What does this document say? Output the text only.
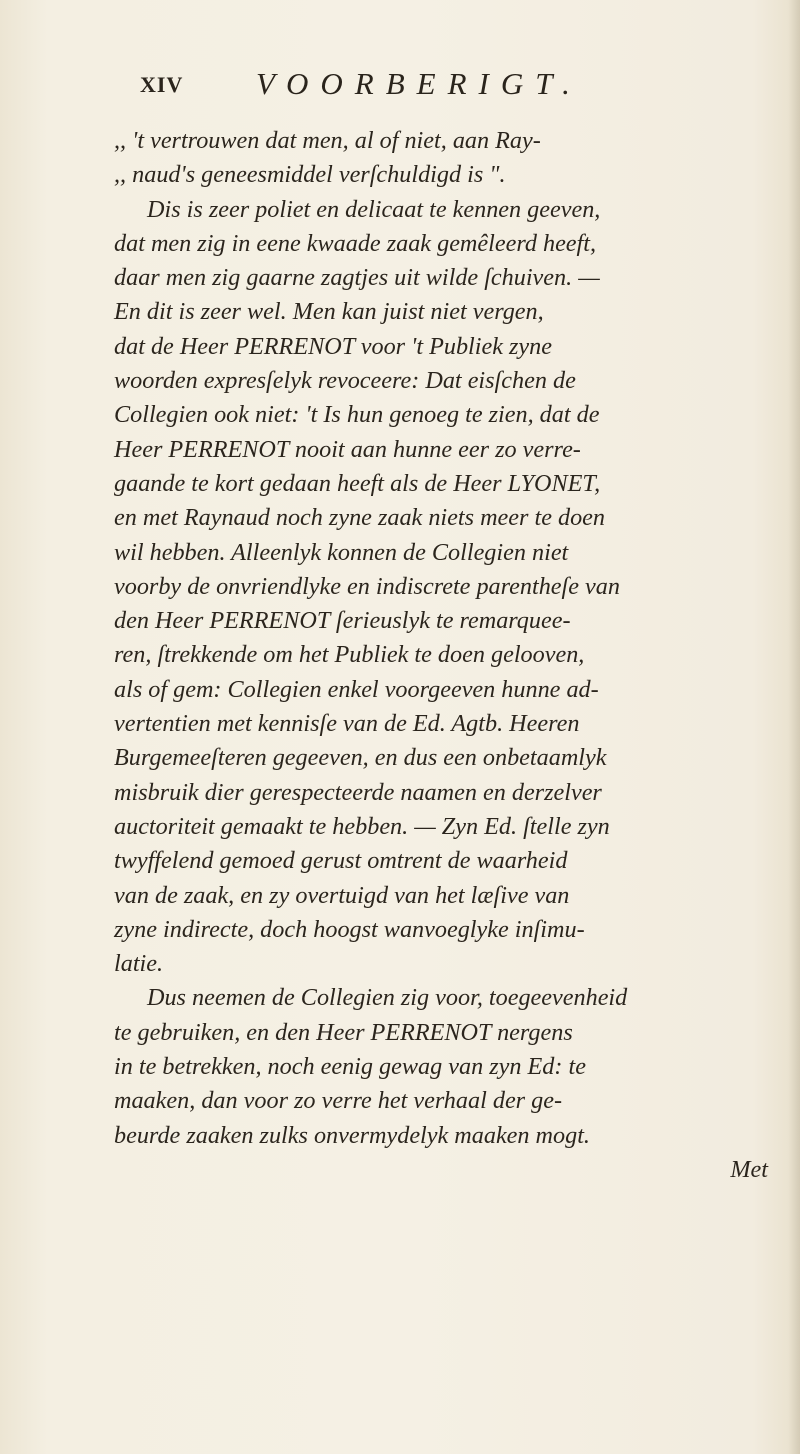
XIV VOORBERIGT.
,, 't vertrouwen dat men, al of niet, aan Ray-
,, naud's geneesmiddel verſchuldigd is ".
Dis is zeer poliet en delicaat te kennen geeven,
dat men zig in eene kwaade zaak gemêleerd heeft,
daar men zig gaarne zagtjes uit wilde ſchuiven. —
En dit is zeer wel. Men kan juist niet vergen,
dat de Heer PERRENOT voor 't Publiek zyne
woorden expresſelyk revoceere: Dat eisſchen de
Collegien ook niet: 't Is hun genoeg te zien, dat de
Heer PERRENOT nooit aan hunne eer zo verre-
gaande te kort gedaan heeft als de Heer LYONET,
en met Raynaud noch zyne zaak niets meer te doen
wil hebben. Alleenlyk konnen de Collegien niet
voorby de onvriendlyke en indiscrete parentheſe van
den Heer PERRENOT ſerieuslyk te remarquee-
ren, ſtrekkende om het Publiek te doen gelooven,
als of gem: Collegien enkel voorgeeven hunne ad-
vertentien met kennisſe van de Ed. Agtb. Heeren
Burgemeeſteren gegeeven, en dus een onbetaamlyk
misbruik dier gerespecteerde naamen en derzelver
auctoriteit gemaakt te hebben. — Zyn Ed. ſtelle zyn
twyffelend gemoed gerust omtrent de waarheid
van de zaak, en zy overtuigd van het læſive van
zyne indirecte, doch hoogst wanvoeglyke inſimu-
latie.
Dus neemen de Collegien zig voor, toegeevenheid
te gebruiken, en den Heer PERRENOT nergens
in te betrekken, noch eenig gewag van zyn Ed: te
maaken, dan voor zo verre het verhaal der ge-
beurde zaaken zulks onvermydelyk maaken mogt.
Met
